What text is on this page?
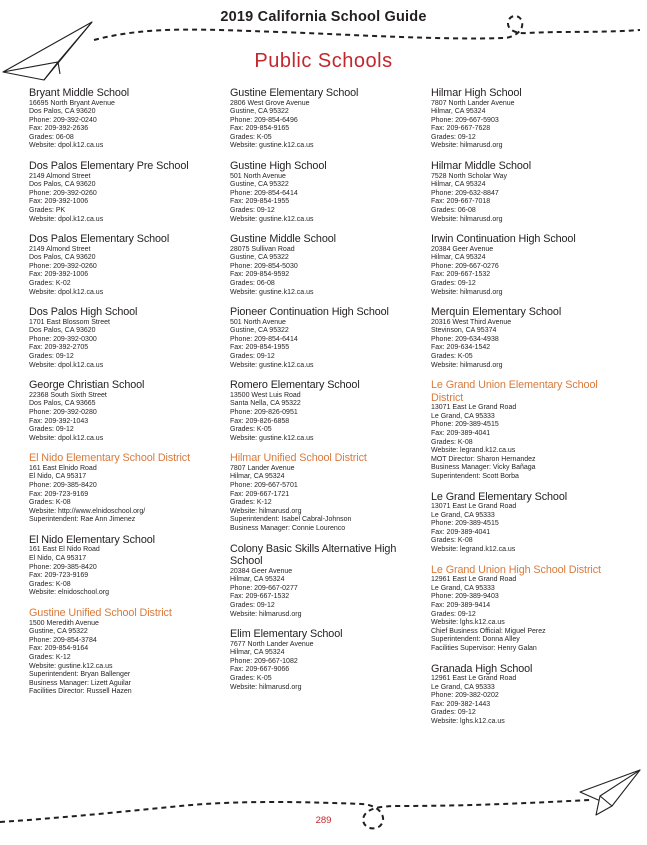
2019 California School Guide
Public Schools
Bryant Middle School
16695 North Bryant Avenue
Dos Palos, CA 93620
Phone: 209-392-0240
Fax: 209-392-2636
Grades: 06-08
Website: dpol.k12.ca.us
Dos Palos Elementary Pre School
2149 Almond Street
Dos Palos, CA 93620
Phone: 209-392-0260
Fax: 209-392-1006
Grades: PK
Website: dpol.k12.ca.us
Dos Palos Elementary School
2149 Almond Street
Dos Palos, CA 93620
Phone: 209-392-0260
Fax: 209-392-1006
Grades: K-02
Website: dpol.k12.ca.us
Dos Palos High School
1701 East Blossom Street
Dos Palos, CA 93620
Phone: 209-392-0300
Fax: 209-392-2705
Grades: 09-12
Website: dpol.k12.ca.us
George Christian School
22368 South Sixth Street
Dos Palos, CA 93665
Phone: 209-392-0280
Fax: 209-392-1043
Grades: 09-12
Website: dpol.k12.ca.us
El Nido Elementary School District
161 East Elnido Road
El Nido, CA 95317
Phone: 209-385-8420
Fax: 209-723-9169
Grades: K-08
Website: http://www.elnidoschool.org/
Superintendent: Rae Ann Jimenez
El Nido Elementary School
161 East El Nido Road
El Nido, CA 95317
Phone: 209-385-8420
Fax: 209-723-9169
Grades: K-08
Website: elnidoschool.org
Gustine Unified School District
1500 Meredith Avenue
Gustine, CA 95322
Phone: 209-854-3784
Fax: 209-854-9164
Grades: K-12
Website: gustine.k12.ca.us
Superintendent: Bryan Ballenger
Business Manager: Lizett Aguilar
Facilities Director: Russell Hazen
Gustine Elementary School
2806 West Grove Avenue
Gustine, CA 95322
Phone: 209-854-6496
Fax: 209-854-9165
Grades: K-05
Website: gustine.k12.ca.us
Gustine High School
501 North Avenue
Gustine, CA 95322
Phone: 209-854-6414
Fax: 209-854-1955
Grades: 09-12
Website: gustine.k12.ca.us
Gustine Middle School
28075 Sullivan Road
Gustine, CA 95322
Phone: 209-854-5030
Fax: 209-854-9592
Grades: 06-08
Website: gustine.k12.ca.us
Pioneer Continuation High School
501 North Avenue
Gustine, CA 95322
Phone: 209-854-6414
Fax: 209-854-1955
Grades: 09-12
Website: gustine.k12.ca.us
Romero Elementary School
13500 West Luis Road
Santa Nella, CA 95322
Phone: 209-826-0951
Fax: 209-826-6858
Grades: K-05
Website: gustine.k12.ca.us
Hilmar Unified School District
7807 Lander Avenue
Hilmar, CA 95324
Phone: 209-667-5701
Fax: 209-667-1721
Grades: K-12
Website: hilmarusd.org
Superintendent: Isabel Cabral-Johnson
Business Manager: Connie Lourenco
Colony Basic Skills Alternative High School
20384 Geer Avenue
Hilmar, CA 95324
Phone: 209-667-0277
Fax: 209-667-1532
Grades: 09-12
Website: hilmarusd.org
Elim Elementary School
7677 North Lander Avenue
Hilmar, CA 95324
Phone: 209-667-1082
Fax: 209-667-9066
Grades: K-05
Website: hilmarusd.org
Hilmar High School
7807 North Lander Avenue
Hilmar, CA 95324
Phone: 209-667-5903
Fax: 209-667-7628
Grades: 09-12
Website: hilmarusd.org
Hilmar Middle School
7528 North Scholar Way
Hilmar, CA 95324
Phone: 209-632-8847
Fax: 209-667-7018
Grades: 06-08
Website: hilmarusd.org
Irwin Continuation High School
20384 Geer Avenue
Hilmar, CA 95324
Phone: 209-667-0276
Fax: 209-667-1532
Grades: 09-12
Website: hilmarusd.org
Merquin Elementary School
20316 West Third Avenue
Stevinson, CA 95374
Phone: 209-634-4938
Fax: 209-634-1542
Grades: K-05
Website: hilmarusd.org
Le Grand Union Elementary School District
13071 East Le Grand Road
Le Grand, CA 95333
Phone: 209-389-4515
Fax: 209-389-4041
Grades: K-08
Website: legrand.k12.ca.us
MOT Director: Sharon Hernandez
Business Manager: Vicky Bañaga
Superintendent: Scott Borba
Le Grand Elementary School
13071 East Le Grand Road
Le Grand, CA 95333
Phone: 209-389-4515
Fax: 209-389-4041
Grades: K-08
Website: legrand.k12.ca.us
Le Grand Union High School District
12961 East Le Grand Road
Le Grand, CA 95333
Phone: 209-389-9403
Fax: 209-389-9414
Grades: 09-12
Website: lghs.k12.ca.us
Chief Business Official: Miguel Perez
Superintendent: Donna Alley
Facilities Supervisor: Henry Galan
Granada High School
12961 East Le Grand Road
Le Grand, CA 95333
Phone: 209-382-0202
Fax: 209-382-1443
Grades: 09-12
Website: lghs.k12.ca.us
289
